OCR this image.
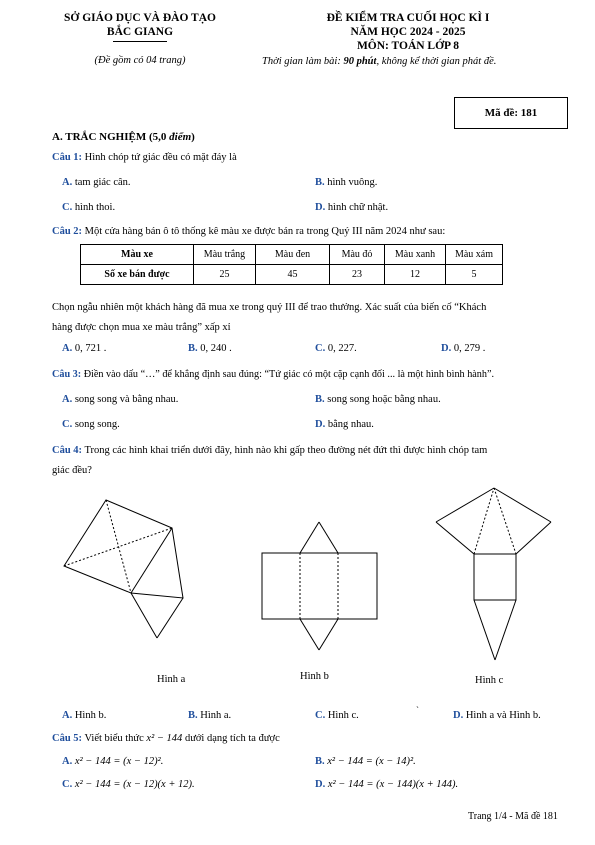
SỞ GIÁO DỤC VÀ ĐÀO TẠO
BẮC GIANG
(Đề gồm có 04 trang)
ĐỀ KIỂM TRA CUỐI HỌC KÌ I
NĂM HỌC 2024 - 2025
MÔN: TOÁN LỚP 8
Thời gian làm bài: 90 phút, không kể thời gian phát đề.
Mã đề: 181
A. TRẮC NGHIỆM (5,0 điểm)
Câu 1: Hình chóp tứ giác đều có mặt đáy là
A. tam giác cân.	B. hình vuông.
C. hình thoi.	D. hình chữ nhật.
Câu 2: Một cửa hàng bán ô tô thống kê màu xe được bán ra trong Quý III năm 2024 như sau:
Màu xe	Màu trắng	Màu đen	Màu đỏ	Màu xanh	Màu xám
Số xe bán được	25	45	23	12	5
Chọn ngẫu nhiên một khách hàng đã mua xe trong quý III để trao thưởng. Xác suất của biến cố “Khách
hàng được chọn mua xe màu trắng” xấp xỉ
A. 0, 721 .	B. 0, 240 .	C. 0, 227.	D. 0, 279 .
Câu 3: Điền vào dấu “…” để khẳng định sau đúng: “Tứ giác có một cặp cạnh đối ... là một hình bình hành”.
A. song song và bằng nhau.	B. song song hoặc bằng nhau.
C. song song.	D. bằng nhau.
Câu 4: Trong các hình khai triển dưới đây, hình nào khi gấp theo đường nét đứt thì được hình chóp tam
giác đều?
Hình a	Hình b	Hình c
A. Hình b.	B. Hình a.	C. Hình c.	`	D. Hình a và Hình b.
Câu 5: Viết biểu thức x² − 144 dưới dạng tích ta được
A. x² − 144 = (x − 12)².	B. x² − 144 = (x − 14)².
C. x² − 144 = (x − 12)(x + 12).	D. x² − 144 = (x − 144)(x + 144).
Trang 1/4 - Mã đề 181
